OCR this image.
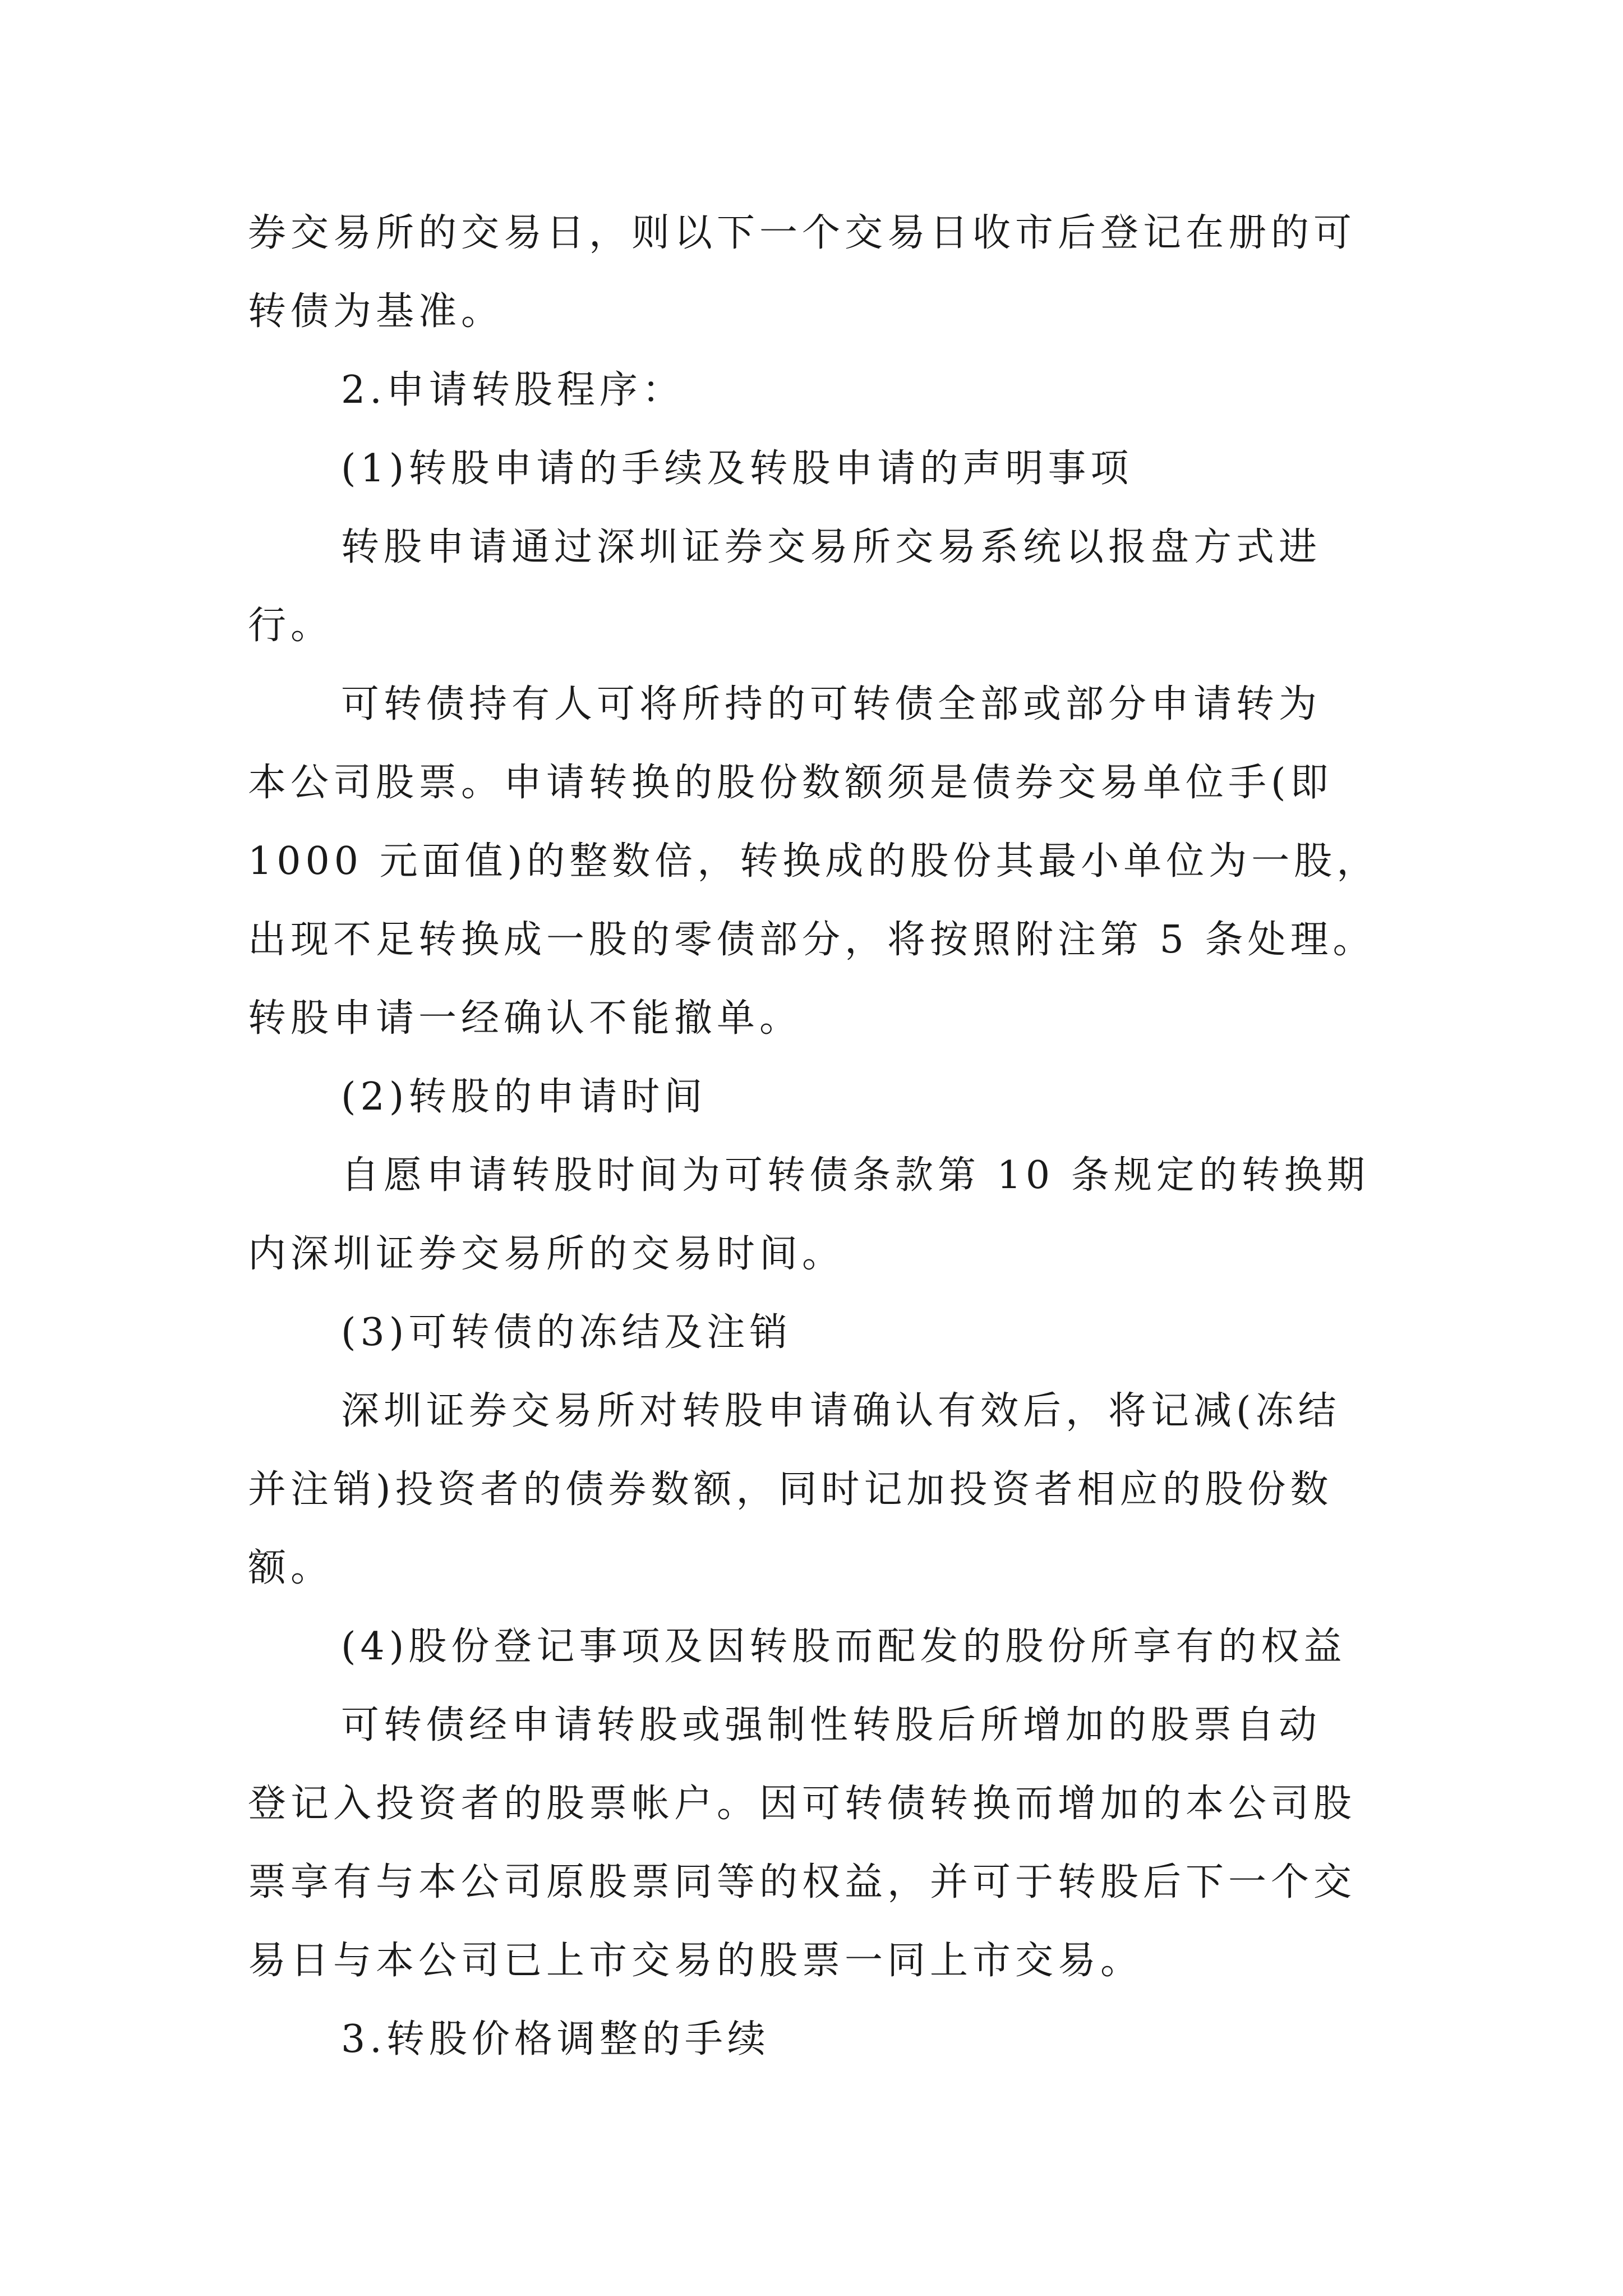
券交易所的交易日，则以下一个交易日收市后登记在册的可
转债为基准。
2.申请转股程序：
(1)转股申请的手续及转股申请的声明事项
转股申请通过深圳证券交易所交易系统以报盘方式进
行。
可转债持有人可将所持的可转债全部或部分申请转为
本公司股票。申请转换的股份数额须是债券交易单位手(即
1000 元面值)的整数倍，转换成的股份其最小单位为一股，
出现不足转换成一股的零债部分，将按照附注第 5 条处理。
转股申请一经确认不能撤单。
(2)转股的申请时间
自愿申请转股时间为可转债条款第 10 条规定的转换期
内深圳证券交易所的交易时间。
(3)可转债的冻结及注销
深圳证券交易所对转股申请确认有效后，将记减(冻结
并注销)投资者的债券数额，同时记加投资者相应的股份数
额。
(4)股份登记事项及因转股而配发的股份所享有的权益
可转债经申请转股或强制性转股后所增加的股票自动
登记入投资者的股票帐户。因可转债转换而增加的本公司股
票享有与本公司原股票同等的权益，并可于转股后下一个交
易日与本公司已上市交易的股票一同上市交易。
3.转股价格调整的手续
